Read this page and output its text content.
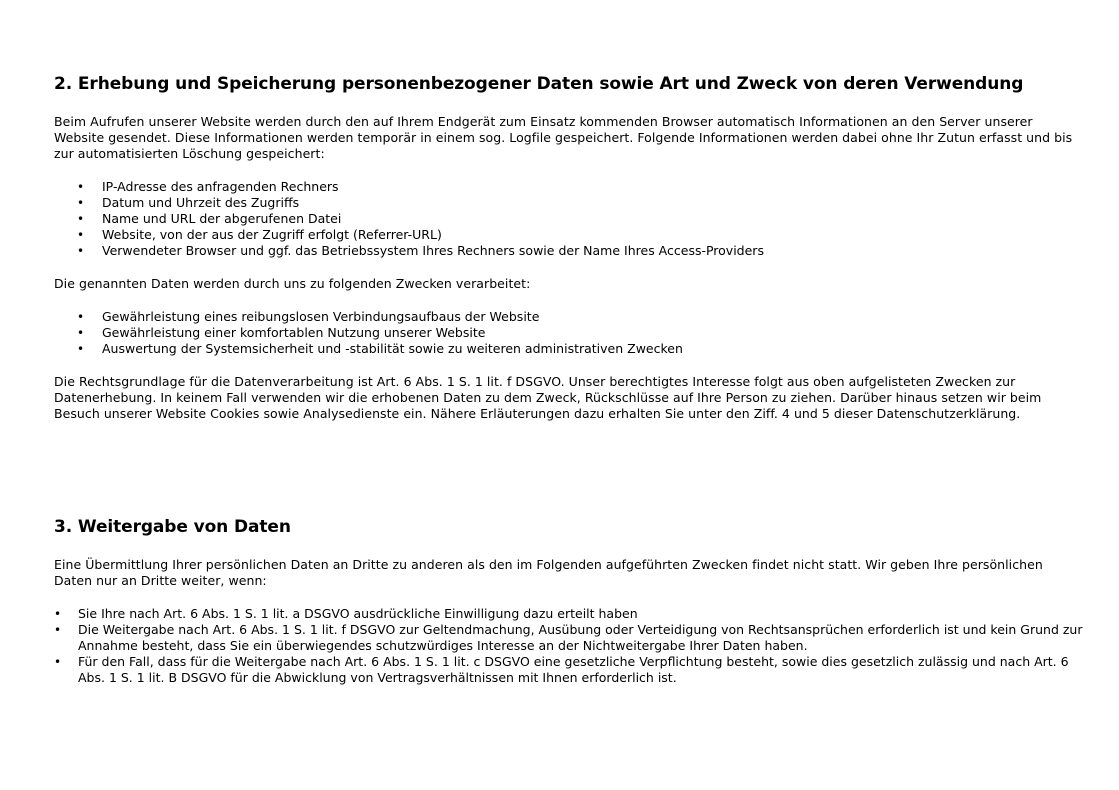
2. Erhebung und Speicherung personenbezogener Daten sowie Art und Zweck von deren Verwendung

Beim Aufrufen unserer Website werden durch den auf Ihrem Endgerät zum Einsatz kommenden Browser automatisch Informationen an den Server unserer Website gesendet. Diese Informationen werden temporär in einem sog. Logfile gespeichert. Folgende Informationen werden dabei ohne Ihr Zutun erfasst und bis zur automatisierten Löschung gespeichert:

• IP-Adresse des anfragenden Rechners
• Datum und Uhrzeit des Zugriffs
• Name und URL der abgerufenen Datei
• Website, von der aus der Zugriff erfolgt (Referrer-URL)
• Verwendeter Browser und ggf. das Betriebssystem Ihres Rechners sowie der Name Ihres Access-Providers

Die genannten Daten werden durch uns zu folgenden Zwecken verarbeitet:

• Gewährleistung eines reibungslosen Verbindungsaufbaus der Website
• Gewährleistung einer komfortablen Nutzung unserer Website
• Auswertung der Systemsicherheit und -stabilität sowie zu weiteren administrativen Zwecken

Die Rechtsgrundlage für die Datenverarbeitung ist Art. 6 Abs. 1 S. 1 lit. f DSGVO. Unser berechtigtes Interesse folgt aus oben aufgelisteten Zwecken zur Datenerhebung. In keinem Fall verwenden wir die erhobenen Daten zu dem Zweck, Rückschlüsse auf Ihre Person zu ziehen. Darüber hinaus setzen wir beim Besuch unserer Website Cookies sowie Analysedienste ein. Nähere Erläuterungen dazu erhalten Sie unter den Ziff. 4 und 5 dieser Datenschutzerklärung.

3. Weitergabe von Daten

Eine Übermittlung Ihrer persönlichen Daten an Dritte zu anderen als den im Folgenden aufgeführten Zwecken findet nicht statt. Wir geben Ihre persönlichen Daten nur an Dritte weiter, wenn:

• Sie Ihre nach Art. 6 Abs. 1 S. 1 lit. a DSGVO ausdrückliche Einwilligung dazu erteilt haben
• Die Weitergabe nach Art. 6 Abs. 1 S. 1 lit. f DSGVO zur Geltendmachung, Ausübung oder Verteidigung von Rechtsansprüchen erforderlich ist und kein Grund zur Annahme besteht, dass Sie ein überwiegendes schutzwürdiges Interesse an der Nichtweitergabe Ihrer Daten haben.
• Für den Fall, dass für die Weitergabe nach Art. 6 Abs. 1 S. 1 lit. c DSGVO eine gesetzliche Verpflichtung besteht, sowie dies gesetzlich zulässig und nach Art. 6 Abs. 1 S. 1 lit. B DSGVO für die Abwicklung von Vertragsverhältnissen mit Ihnen erforderlich ist.
